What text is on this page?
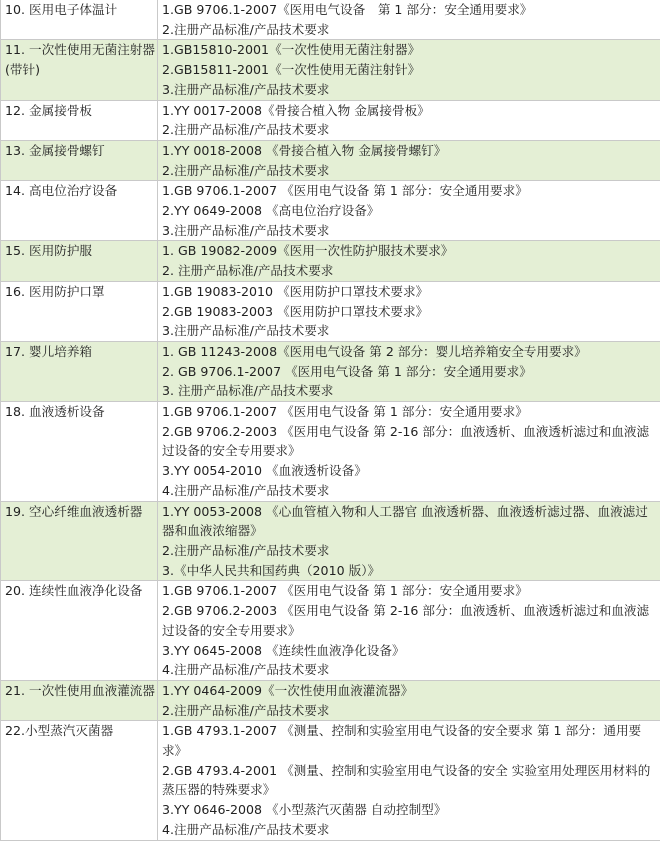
10. 医用电子体温计	1.GB 9706.1-2007《医用电气设备　第 1 部分：安全通用要求》
2.注册产品标准/产品技术要求

11. 一次性使用无菌注射器(带针)	1.GB15810-2001《一次性使用无菌注射器》
2.GB15811-2001《一次性使用无菌注射针》
3.注册产品标准/产品技术要求

12. 金属接骨板	1.YY 0017-2008《骨接合植入物 金属接骨板》
2.注册产品标准/产品技术要求

13. 金属接骨螺钉	1.YY 0018-2008 《骨接合植入物 金属接骨螺钉》
2.注册产品标准/产品技术要求

14. 高电位治疗设备	1.GB 9706.1-2007 《医用电气设备 第 1 部分：安全通用要求》
2.YY 0649-2008 《高电位治疗设备》
3.注册产品标准/产品技术要求

15. 医用防护服	1. GB 19082-2009《医用一次性防护服技术要求》
2. 注册产品标准/产品技术要求

16. 医用防护口罩	1.GB 19083-2010 《医用防护口罩技术要求》
2.GB 19083-2003 《医用防护口罩技术要求》
3.注册产品标准/产品技术要求

17. 婴儿培养箱	1. GB 11243-2008《医用电气设备 第 2 部分：婴儿培养箱安全专用要求》
2. GB 9706.1-2007 《医用电气设备 第 1 部分：安全通用要求》
3. 注册产品标准/产品技术要求

18. 血液透析设备	1.GB 9706.1-2007 《医用电气设备 第 1 部分：安全通用要求》
2.GB 9706.2-2003 《医用电气设备 第 2-16 部分：血液透析、血液透析滤过和血液滤过设备的安全专用要求》
3.YY 0054-2010 《血液透析设备》
4.注册产品标准/产品技术要求

19. 空心纤维血液透析器	1.YY 0053-2008 《心血管植入物和人工器官 血液透析器、血液透析滤过器、血液滤过器和血液浓缩器》
2.注册产品标准/产品技术要求
3.《中华人民共和国药典（2010 版）》

20. 连续性血液净化设备	1.GB 9706.1-2007 《医用电气设备 第 1 部分：安全通用要求》
2.GB 9706.2-2003 《医用电气设备 第 2-16 部分：血液透析、血液透析滤过和血液滤过设备的安全专用要求》
3.YY 0645-2008 《连续性血液净化设备》
4.注册产品标准/产品技术要求

21. 一次性使用血液灌流器	1.YY 0464-2009《一次性使用血液灌流器》
2.注册产品标准/产品技术要求

22.小型蒸汽灭菌器	1.GB 4793.1-2007 《测量、控制和实验室用电气设备的安全要求 第 1 部分：通用要求》
2.GB 4793.4-2001 《测量、控制和实验室用电气设备的安全 实验室用处理医用材料的蒸压器的特殊要求》
3.YY 0646-2008 《小型蒸汽灭菌器 自动控制型》
4.注册产品标准/产品技术要求
